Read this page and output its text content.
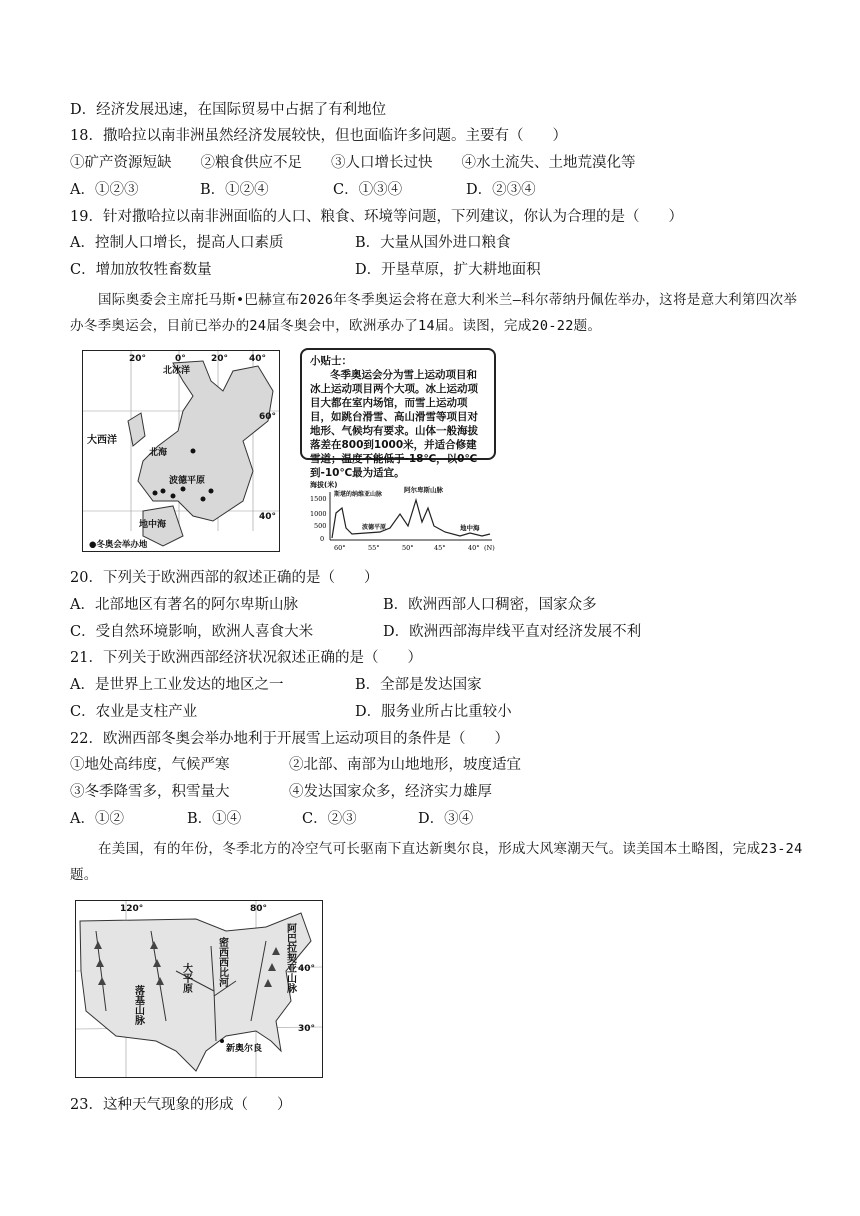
D．经济发展迅速，在国际贸易中占据了有利地位
18．撒哈拉以南非洲虽然经济发展较快，但也面临许多问题。主要有（　　）
①矿产资源短缺　　②粮食供应不足　　③人口增长过快　　④水土流失、土地荒漠化等
A．①②③	B．①②④	C．①③④	D．②③④
19．针对撒哈拉以南非洲面临的人口、粮食、环境等问题，下列建议，你认为合理的是（　　）
A．控制人口增长，提高人口素质	B．大量从国外进口粮食
C．增加放牧牲畜数量	D．开垦草原，扩大耕地面积
国际奥委会主席托马斯•巴赫宣布2026年冬季奥运会将在意大利米兰—科尔蒂纳丹佩佐举办，这将是意大利第四次举办冬季奥运会，目前已举办的24届冬奥会中，欧洲承办了14届。读图，完成20-22题。
20°	0°	20° 40°
60°
40°
北冰洋
大西洋
北海
波德平原
地中海
●冬奥会举办地
小贴士：
冬季奥运会分为雪上运动项目和冰上运动项目两个大项。冰上运动项目大都在室内场馆，而雪上运动项目，如跳台滑雪、高山滑雪等项目对地形、气候均有要求。山体一般海拔落差在800到1000米，并适合修建雪道；温度不能低于-18℃，以0℃到-10℃最为适宜。
海拔(米)
1500
1000
500
0
斯堪的纳维亚山脉
阿尔卑斯山脉
波德平原	地中海
60°	55°	50°	45°	40° (N)
20．下列关于欧洲西部的叙述正确的是（　　）
A．北部地区有著名的阿尔卑斯山脉	B．欧洲西部人口稠密，国家众多
C．受自然环境影响，欧洲人喜食大米	D．欧洲西部海岸线平直对经济发展不利
21．下列关于欧洲西部经济状况叙述正确的是（　　）
A．是世界上工业发达的地区之一	B．全部是发达国家
C．农业是支柱产业	D．服务业所占比重较小
22．欧洲西部冬奥会举办地利于开展雪上运动项目的条件是（　　）
①地处高纬度，气候严寒	②北部、南部为山地地形，坡度适宜
③冬季降雪多，积雪量大	④发达国家众多，经济实力雄厚
A．①②	B．①④	C．②③	D．③④
在美国，有的年份，冬季北方的冷空气可长驱南下直达新奥尔良，形成大风寒潮天气。读美国本土略图，完成23-24题。
120°	80°
40°
30°
落基山脉
大平原	密西西比河	阿巴拉契亚山脉
新奥尔良
23．这种天气现象的形成（　　）
